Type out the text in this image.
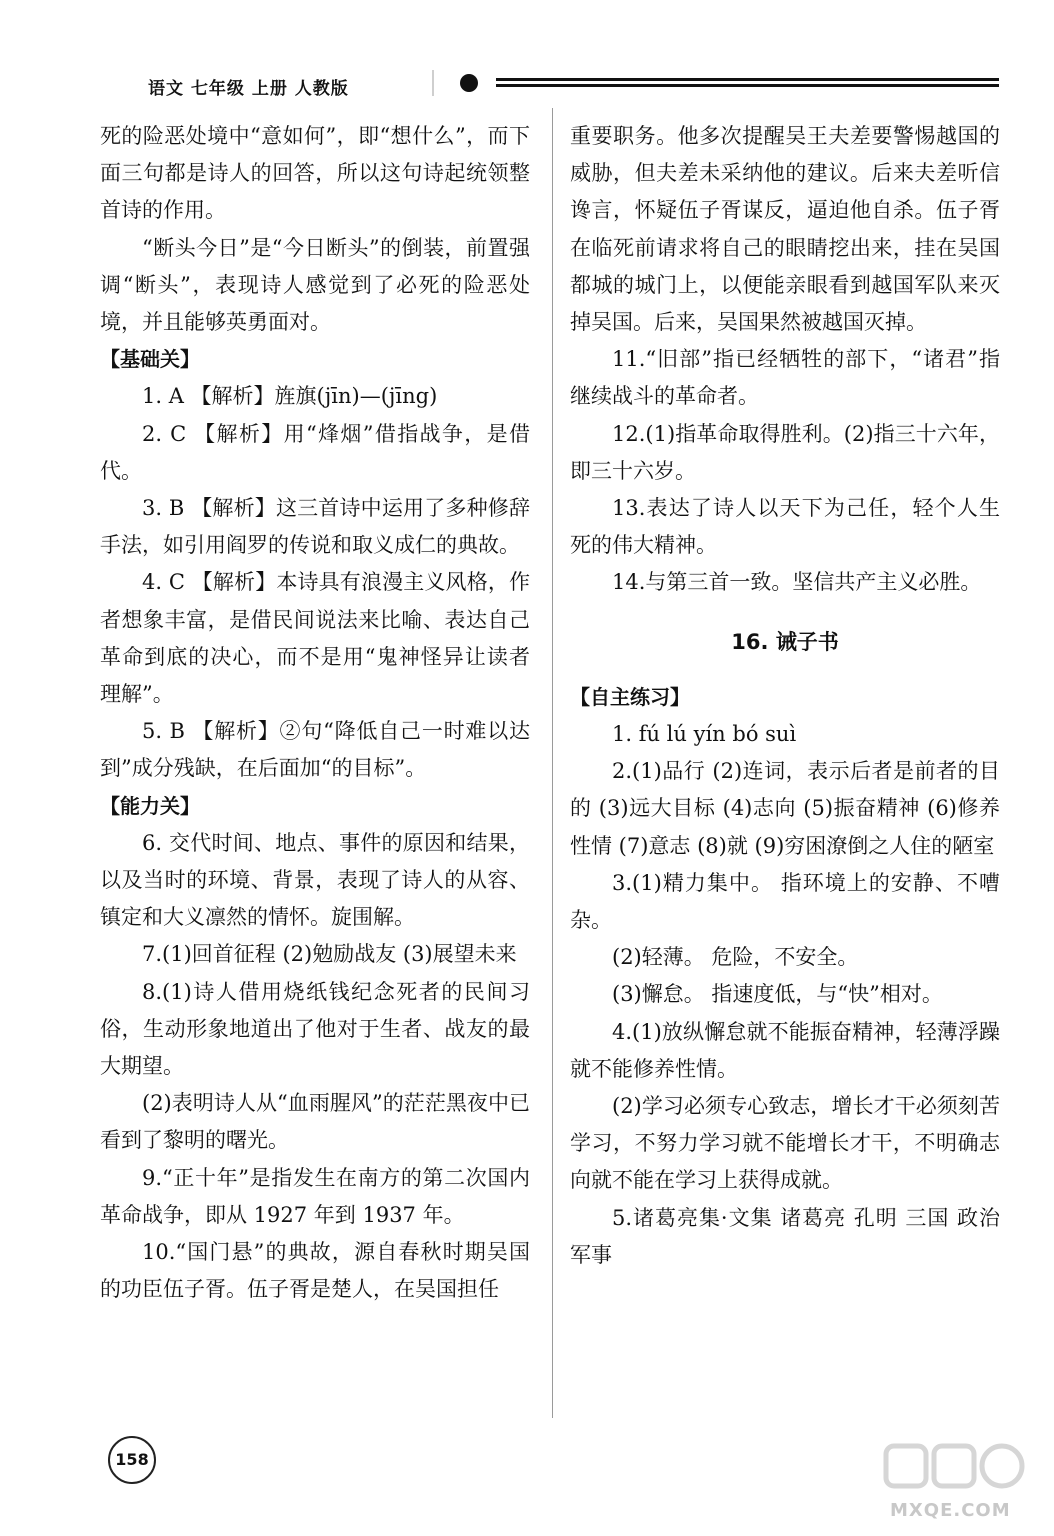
语文 七年级 上册 人教版

死的险恶处境中“意如何”，即“想什么”，而下面三句都是诗人的回答，所以这句诗起统领整首诗的作用。

“断头今日”是“今日断头”的倒装，前置强调“断头”，表现诗人感觉到了必死的险恶处境，并且能够英勇面对。

【基础关】

1. A 【解析】旌旗(jīn)—(jīng)

2. C 【解析】用“烽烟”借指战争，是借代。

3. B 【解析】这三首诗中运用了多种修辞手法，如引用阎罗的传说和取义成仁的典故。

4. C 【解析】本诗具有浪漫主义风格，作者想象丰富，是借民间说法来比喻、表达自己革命到底的决心，而不是用“鬼神怪异让读者理解”。

5. B 【解析】②句“降低自己一时难以达到”成分残缺，在后面加“的目标”。

【能力关】

6. 交代时间、地点、事件的原因和结果，以及当时的环境、背景，表现了诗人的从容、镇定和大义凛然的情怀。旋围解。

7.(1)回首征程 (2)勉励战友 (3)展望未来

8.(1)诗人借用烧纸钱纪念死者的民间习俗，生动形象地道出了他对于生者、战友的最大期望。

(2)表明诗人从“血雨腥风”的茫茫黑夜中已看到了黎明的曙光。

9.“正十年”是指发生在南方的第二次国内革命战争，即从 1927 年到 1937 年。

10.“国门悬”的典故，源自春秋时期吴国的功臣伍子胥。伍子胥是楚人，在吴国担任

重要职务。他多次提醒吴王夫差要警惕越国的威胁，但夫差未采纳他的建议。后来夫差听信谗言，怀疑伍子胥谋反，逼迫他自杀。伍子胥在临死前请求将自己的眼睛挖出来，挂在吴国都城的城门上，以便能亲眼看到越国军队来灭掉吴国。后来，吴国果然被越国灭掉。

11.“旧部”指已经牺牲的部下，“诸君”指继续战斗的革命者。

12.(1)指革命取得胜利。(2)指三十六年，即三十六岁。

13.表达了诗人以天下为己任，轻个人生死的伟大精神。

14.与第三首一致。坚信共产主义必胜。

16. 诫子书

【自主练习】

1. fú lú yín bó suì

2.(1)品行 (2)连词，表示后者是前者的目的 (3)远大目标 (4)志向 (5)振奋精神 (6)修养性情 (7)意志 (8)就 (9)穷困潦倒之人住的陋室

3.(1)精力集中。 指环境上的安静、不嘈杂。

(2)轻薄。 危险，不安全。

(3)懈怠。 指速度低，与“快”相对。

4.(1)放纵懈怠就不能振奋精神，轻薄浮躁就不能修养性情。

(2)学习必须专心致志，增长才干必须刻苦学习，不努力学习就不能增长才干，不明确志向就不能在学习上获得成就。

5.诸葛亮集·文集 诸葛亮 孔明 三国 政治 军事

158
MXQE.COM
